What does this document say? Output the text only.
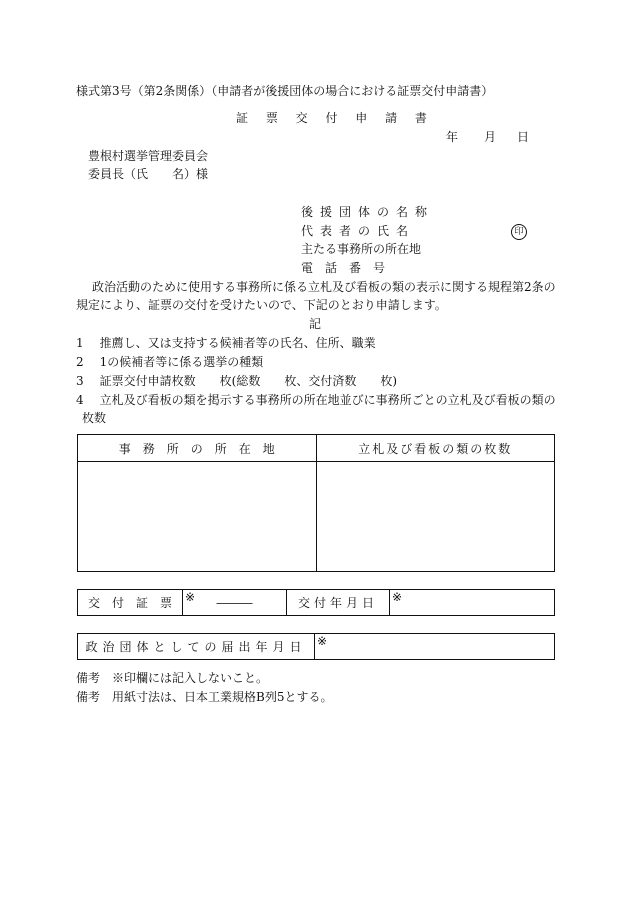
様式第3号（第2条関係）（申請者が後援団体の場合における証票交付申請書）
証 票 交 付 申 請 書
年 月 日
豊根村選挙管理委員会
委員長（氏　　名）様
後援団体の名称
代表者の氏名	印
主たる事務所の所在地
電　話　番　号
政治活動のために使用する事務所に係る立札及び看板の類の表示に関する規程第2条の
規定により、証票の交付を受けたいので、下記のとおり申請します。
記
1 推薦し、又は支持する候補者等の氏名、住所、職業
2 1の候補者等に係る選挙の種類
3 証票交付申請枚数　　枚(総数　　枚、交付済数　　枚)
4 立札及び看板の類を掲示する事務所の所在地並びに事務所ごとの立札及び看板の類の
枚数
事　務　所　の　所　在　地	立札及び看板の類の枚数

交　付　証　票	※ ―――	交付年月日	※
政治団体としての届出年月日	※
備考 ※印欄には記入しないこと。
備考 用紙寸法は、日本工業規格B列5とする。
